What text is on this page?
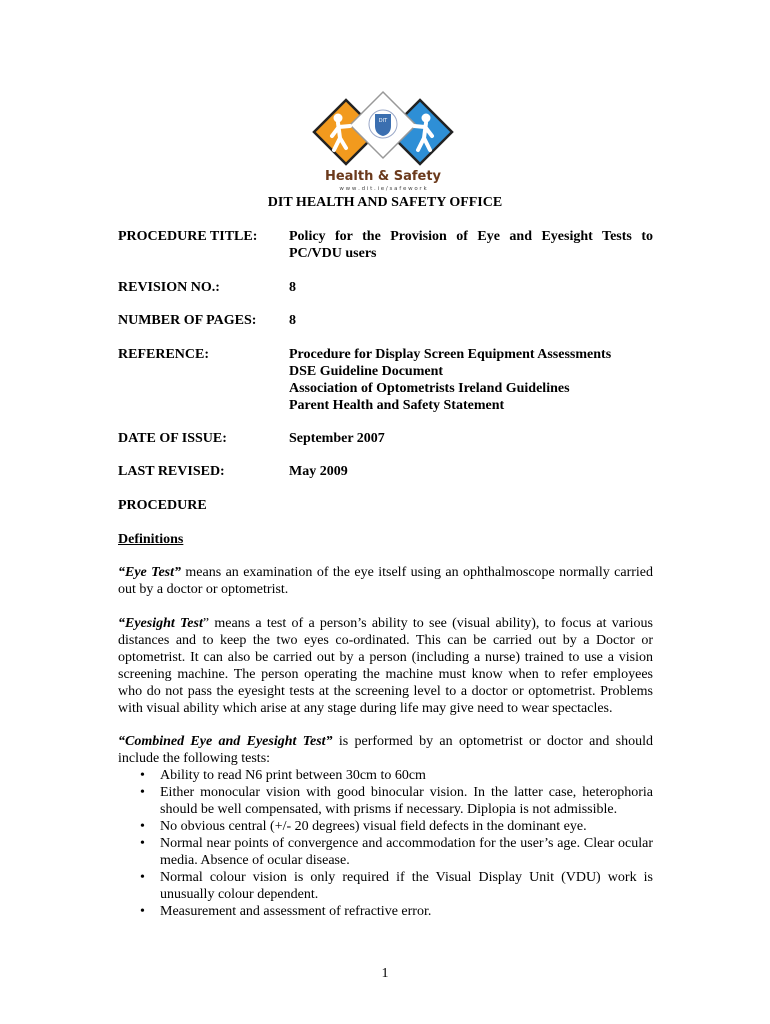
DIT
Health & Safety
w w w . d i t . i e / s a f e w o r k
DIT HEALTH AND SAFETY OFFICE
PROCEDURE TITLE:	Policy for the Provision of Eye and Eyesight Tests to PC/VDU users
REVISION NO.:	8
NUMBER OF PAGES:	8
REFERENCE:	Procedure for Display Screen Equipment Assessments
DSE Guideline Document
Association of Optometrists Ireland Guidelines
Parent Health and Safety Statement
DATE OF ISSUE:	September 2007
LAST REVISED:	May 2009
PROCEDURE
Definitions
“Eye Test” means an examination of the eye itself using an ophthalmoscope normally carried out by a doctor or optometrist.
“Eyesight Test” means a test of a person’s ability to see (visual ability), to focus at various distances and to keep the two eyes co-ordinated. This can be carried out by a Doctor or optometrist. It can also be carried out by a person (including a nurse) trained to use a vision screening machine. The person operating the machine must know when to refer employees who do not pass the eyesight tests at the screening level to a doctor or optometrist. Problems with visual ability which arise at any stage during life may give need to wear spectacles.
“Combined Eye and Eyesight Test” is performed by an optometrist or doctor and should include the following tests:
• Ability to read N6 print between 30cm to 60cm
• Either monocular vision with good binocular vision. In the latter case, heterophoria should be well compensated, with prisms if necessary. Diplopia is not admissible.
• No obvious central (+/- 20 degrees) visual field defects in the dominant eye.
• Normal near points of convergence and accommodation for the user’s age. Clear ocular media. Absence of ocular disease.
• Normal colour vision is only required if the Visual Display Unit (VDU) work is unusually colour dependent.
• Measurement and assessment of refractive error.
1
